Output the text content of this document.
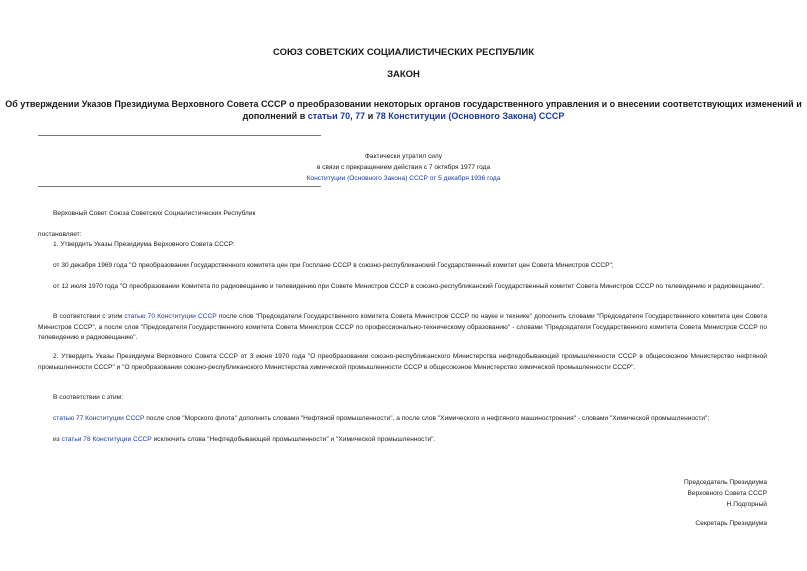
СОЮЗ СОВЕТСКИХ СОЦИАЛИСТИЧЕСКИХ РЕСПУБЛИК
ЗАКОН
Об утверждении Указов Президиума Верховного Совета СССР о преобразовании некоторых органов государственного управления и о внесении соответствующих изменений и дополнений в статьи 70, 77 и 78 Конституции (Основного Закона) СССР
Фактически утратил силу
в связи с прекращением действия с 7 октября 1977 года
Конституции (Основного Закона) СССР от 5 декабря 1936 года
Верховный Совет Союза Советских Социалистических Республик
постановляет:
1. Утвердить Указы Президиума Верховного Совета СССР:
от 30 декабря 1969 года "О преобразовании Государственного комитета цен при Госплане СССР в союзно-республиканский Государственный комитет цен Совета Министров СССР";
от 12 июля 1970 года "О преобразовании Комитета по радиовещанию и телевидению при Совете Министров СССР в союзно-республиканский Государственный комитет Совета Министров СССР по телевидению и радиовещанию".
В соответствии с этим статью 70 Конституции СССР после слов "Председателя Государственного комитета Совета Министров СССР по науке и технике" дополнить словами "Председателя Государственного комитета цен Совета Министров СССР", а после слов "Председателя Государственного комитета Совета Министров СССР по профессионально-техническому образованию" - словами "Председателя Государственного комитета Совета Министров СССР по телевидению и радиовещанию".
2. Утвердить Указы Президиума Верховного Совета СССР от 3 июня 1970 года "О преобразовании союзно-республиканского Министерства нефтедобывающей промышленности СССР в общесоюзное Министерство нефтяной промышленности СССР" и "О преобразовании союзно-республиканского Министерства химической промышленности СССР в общесоюзное Министерство химической промышленности СССР".
В соответствии с этим:
статью 77 Конституции СССР после слов "Морского флота" дополнить словами "Нефтяной промышленности", а после слов "Химического и нефтяного машиностроения" - словами "Химической промышленности";
из статьи 78 Конституции СССР исключить слова "Нефтедобывающей промышленности" и "Химической промышленности".
Председатель Президиума
Верховного Совета СССР
Н.Подгорный
Секретарь Президиума
